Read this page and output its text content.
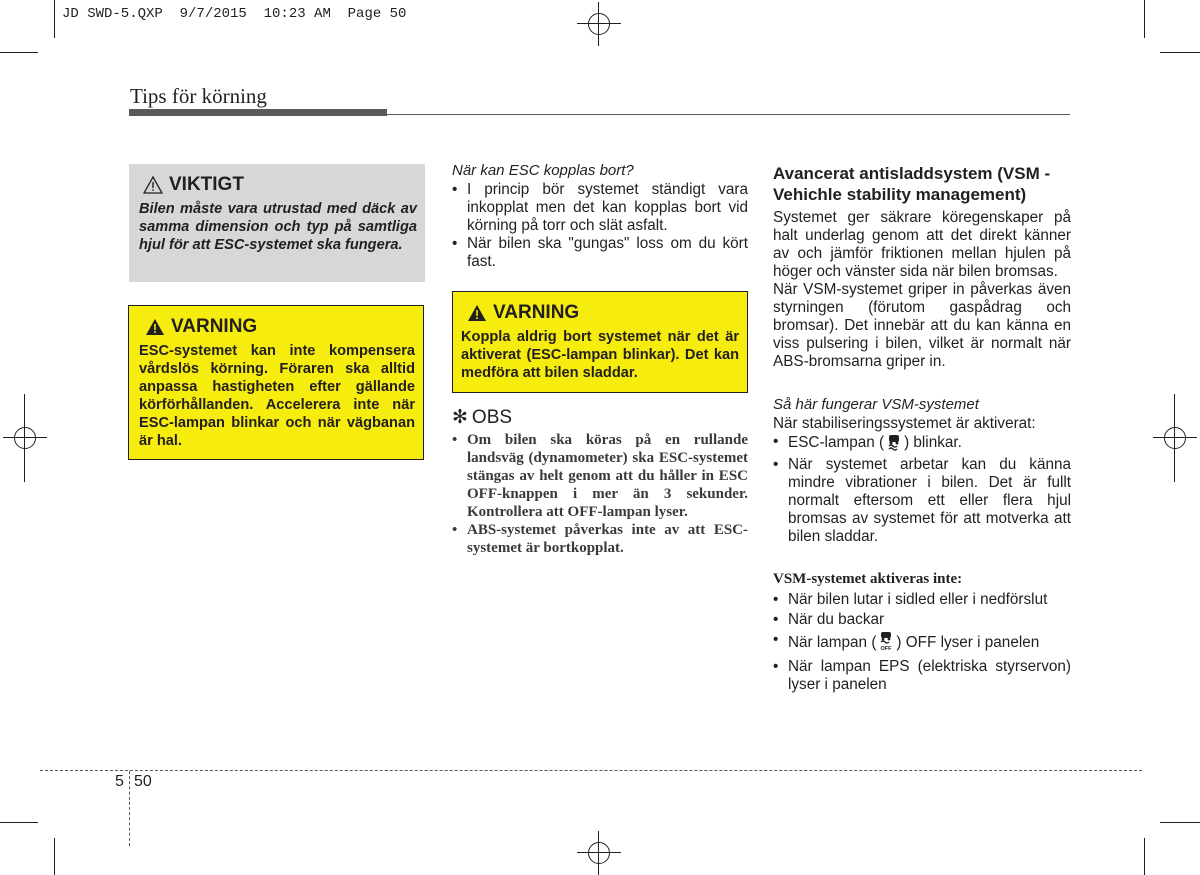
JD SWD-5.QXP  9/7/2015  10:23 AM  Page 50
Tips för körning
VIKTIGT
Bilen måste vara utrustad med däck av samma dimension och typ på samtliga hjul för att ESC-systemet ska fungera.
VARNING
ESC-systemet kan inte kompensera vårdslös körning. Föraren ska alltid anpassa hastigheten efter gällande körförhållanden. Accelerera inte när ESC-lampan blinkar och när vägbanan är hal.
När kan ESC kopplas bort?
• I princip bör systemet ständigt vara inkopplat men det kan kopplas bort vid körning på torr och slät asfalt.
• När bilen ska "gungas" loss om du kört fast.
VARNING
Koppla aldrig bort systemet när det är aktiverat (ESC-lampan blinkar). Det kan medföra att bilen sladdar.
✻ OBS
• Om bilen ska köras på en rullande landsväg (dynamometer) ska ESC-systemet stängas av helt genom att du håller in ESC OFF-knappen i mer än 3 sekunder. Kontrollera att OFF-lampan lyser.
• ABS-systemet påverkas inte av att ESC-systemet är bortkopplat.
Avancerat antisladdsystem (VSM - Vehichle stability management)
Systemet ger säkrare köregenskaper på halt underlag genom att det direkt känner av och jämför friktionen mellan hjulen på höger och vänster sida när bilen bromsas.
När VSM-systemet griper in påverkas även styrningen (förutom gaspådrag och bromsar). Det innebär att du kan känna en viss pulsering i bilen, vilket är normalt när ABS-bromsarna griper in.
Så här fungerar VSM-systemet
När stabiliseringssystemet är aktiverat:
• ESC-lampan ( ) blinkar.
• När systemet arbetar kan du känna mindre vibrationer i bilen. Det är fullt normalt eftersom ett eller flera hjul bromsas av systemet för att motverka att bilen sladdar.
VSM-systemet aktiveras inte:
• När bilen lutar i sidled eller i nedförslut
• När du backar
• När lampan ( OFF ) OFF lyser i panelen
• När lampan EPS (elektriska styrservon) lyser i panelen
5 50
